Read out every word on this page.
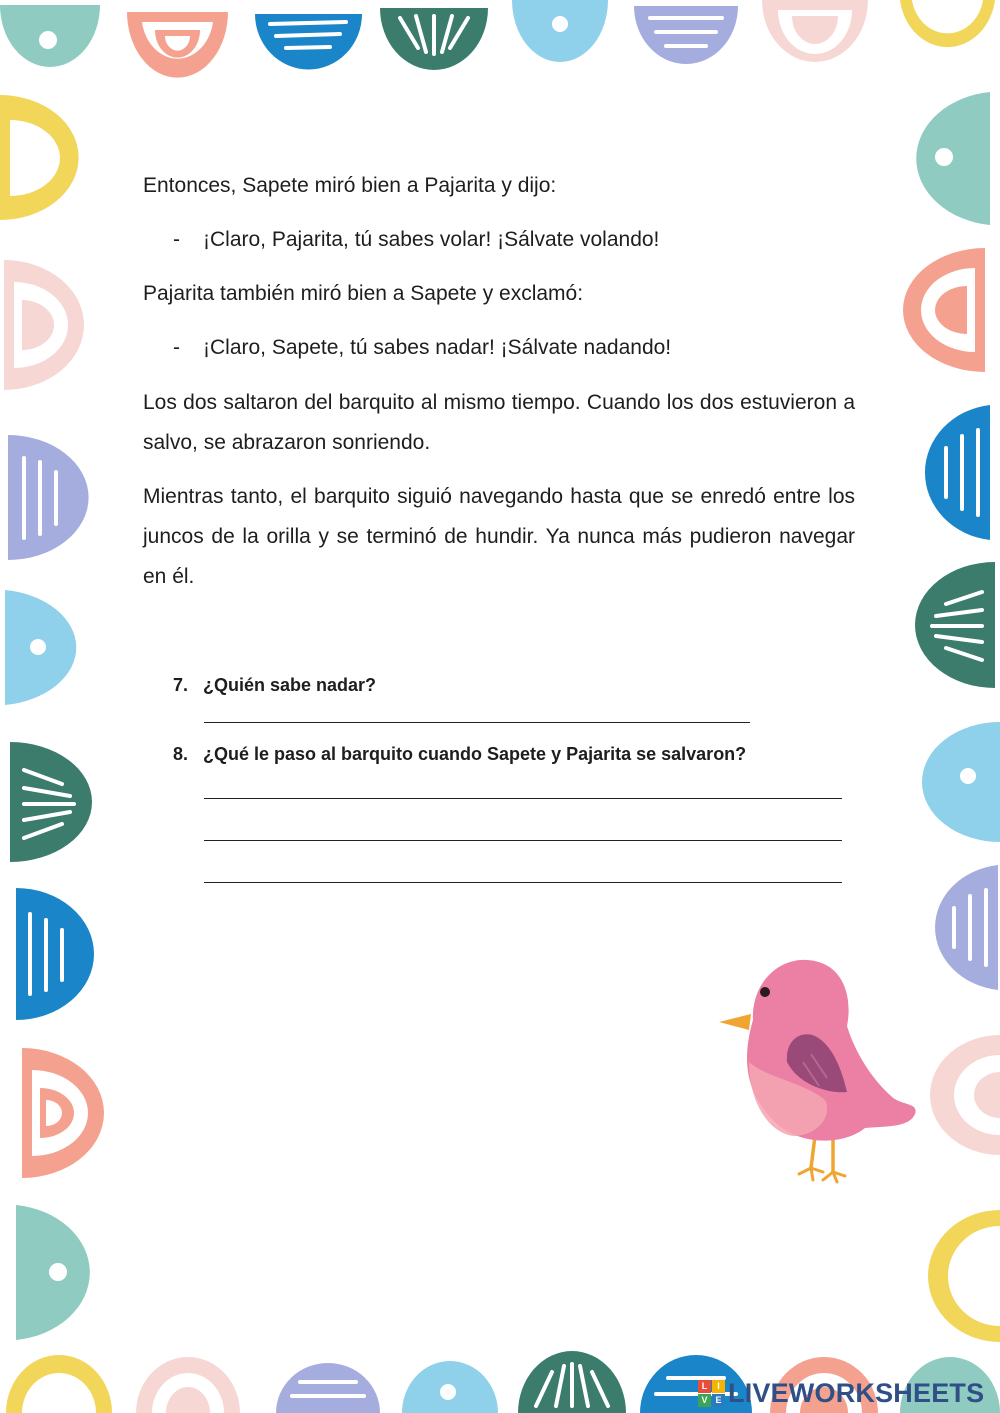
Entonces, Sapete miró bien a Pajarita y dijo:
- ¡Claro, Pajarita, tú sabes volar! ¡Sálvate volando!
Pajarita también miró bien a Sapete y exclamó:
- ¡Claro, Sapete, tú sabes nadar! ¡Sálvate nadando!
Los dos saltaron del barquito al mismo tiempo. Cuando los dos estuvieron a salvo, se abrazaron sonriendo.
Mientras tanto, el barquito siguió navegando hasta que se enredó entre los juncos de la orilla y se terminó de hundir. Ya nunca más pudieron navegar en él.
7. ¿Quién sabe nadar?
8. ¿Qué le paso al barquito cuando Sapete y Pajarita se salvaron?
L	I
V E LIVEWORKSHEETS
